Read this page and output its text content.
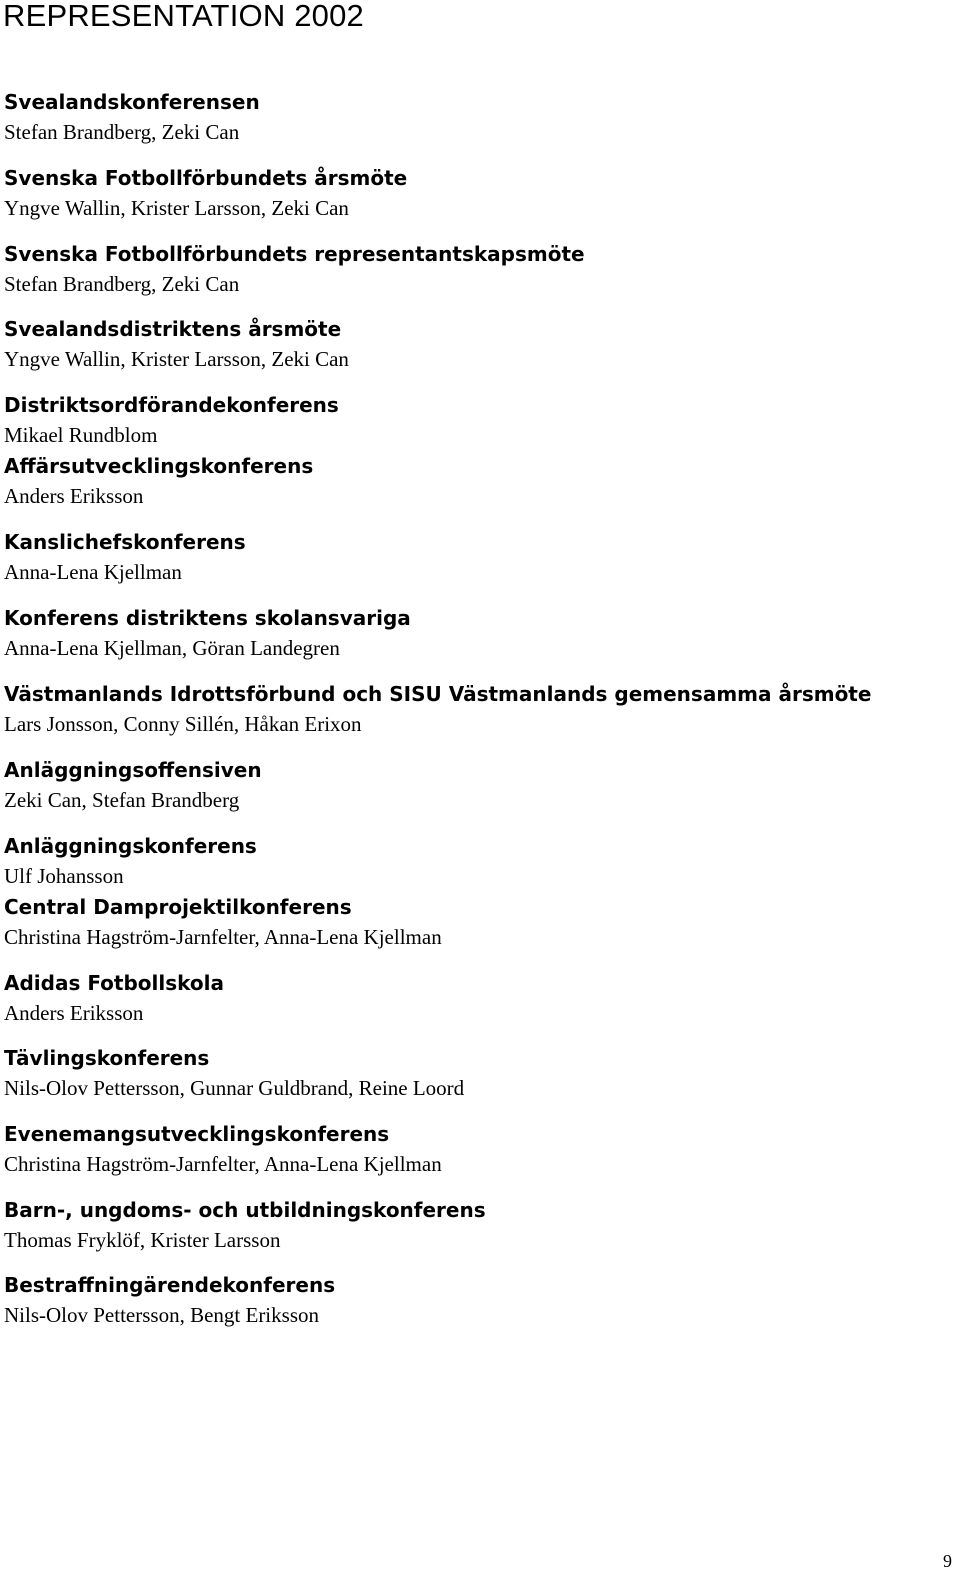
REPRESENTATION 2002
Svealandskonferensen
Stefan Brandberg, Zeki Can
Svenska Fotbollförbundets årsmöte
Yngve Wallin, Krister Larsson, Zeki Can
Svenska Fotbollförbundets representantskapsmöte
Stefan Brandberg, Zeki Can
Svealandsdistriktens årsmöte
Yngve Wallin, Krister Larsson, Zeki Can
Distriktsordförandekonferens
Mikael Rundblom
Affärsutvecklingskonferens
Anders Eriksson
Kanslichefskonferens
Anna-Lena Kjellman
Konferens distriktens skolansvariga
Anna-Lena Kjellman, Göran Landegren
Västmanlands Idrottsförbund och SISU Västmanlands gemensamma årsmöte
Lars Jonsson, Conny Sillén, Håkan Erixon
Anläggningsoffensiven
Zeki Can, Stefan Brandberg
Anläggningskonferens
Ulf Johansson
Central Damprojektilkonferens
Christina Hagström-Jarnfelter, Anna-Lena Kjellman
Adidas Fotbollskola
Anders Eriksson
Tävlingskonferens
Nils-Olov Pettersson, Gunnar Guldbrand, Reine Loord
Evenemangsutvecklingskonferens
Christina Hagström-Jarnfelter, Anna-Lena Kjellman
Barn-, ungdoms- och utbildningskonferens
Thomas Fryklöf, Krister Larsson
Bestraffningärendekonferens
Nils-Olov Pettersson, Bengt Eriksson
9
